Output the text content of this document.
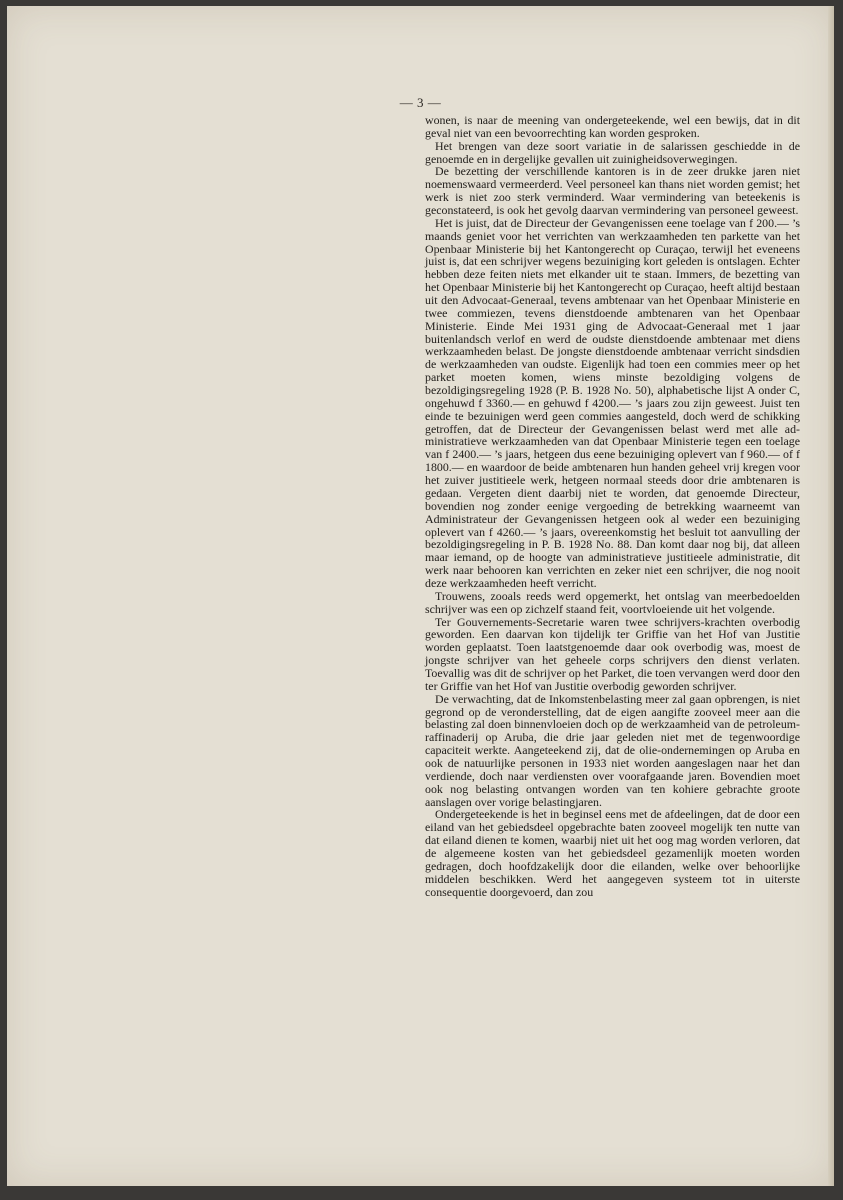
— 3 —

wonen, is naar de meening van ondergeteekende, wel een bewijs, dat in dit geval niet van een bevoorrechting kan worden gesproken.

Het brengen van deze soort variatie in de salarissen geschiedde in de genoemde en in dergelijke gevallen uit zuinigheidsoverwegingen.

De bezetting der verschillende kantoren is in de zeer drukke jaren niet noemenswaard vermeerderd. Veel personeel kan thans niet worden gemist; het werk is niet zoo sterk verminderd. Waar vermindering van beteekenis is geconstateerd, is ook het gevolg daarvan vermindering van personeel geweest.

Het is juist, dat de Directeur der Gevangenissen eene toelage van f 200.— ’s maands geniet voor het verrichten van werkzaamheden ten parkette van het Openbaar Ministerie bij het Kantongerecht op Curaçao, terwijl het eveneens juist is, dat een schrijver wegens bezuiniging kort geleden is ontslagen. Echter hebben deze feiten niets met elkander uit te staan. Immers, de bezetting van het Openbaar Ministerie bij het Kantongerecht op Curaçao, heeft altijd bestaan uit den Advocaat-Generaal, tevens ambtenaar van het Openbaar Ministerie en twee commiezen, tevens dienstdoende ambtenaren van het Openbaar Ministerie. Einde Mei 1931 ging de Advocaat-Generaal met 1 jaar buitenlandsch verlof en werd de oudste dienstdoende ambtenaar met diens werkzaamheden belast. De jongste dienstdoende ambtenaar verricht sindsdien de werkzaamheden van oudste. Eigenlijk had toen een commies meer op het parket moeten komen, wiens minste bezoldiging volgens de bezoldigingsregeling 1928 (P. B. 1928 No. 50), alphabetische lijst A onder C, ongehuwd f 3360.— en gehuwd f 4200.— ’s jaars zou zijn geweest. Juist ten einde te bezuinigen werd geen commies aangesteld, doch werd de schikking getroffen, dat de Directeur der Gevangenissen belast werd met alle administratieve werkzaamheden van dat Openbaar Ministerie tegen een toelage van f 2400.— ’s jaars, hetgeen dus eene bezuiniging oplevert van f 960.— of f 1800.— en waardoor de beide ambtenaren hun handen geheel vrij kregen voor het zuiver justitieele werk, hetgeen normaal steeds door drie ambtenaren is gedaan. Vergeten dient daarbij niet te worden, dat genoemde Directeur, bovendien nog zonder eenige vergoeding de betrekking waarneemt van Administrateur der Gevangenissen hetgeen ook al weder een bezuiniging oplevert van f 4260.— ’s jaars, overeenkomstig het besluit tot aanvulling der bezoldigingsregeling in P. B. 1928 No. 88. Dan komt daar nog bij, dat alleen maar iemand, op de hoogte van administratieve justitieele administratie, dit werk naar behooren kan verrichten en zeker niet een schrijver, die nog nooit deze werkzaamheden heeft verricht.

Trouwens, zooals reeds werd opgemerkt, het ontslag van meerbedoelden schrijver was een op zichzelf staand feit, voortvloeiende uit het volgende.

Ter Gouvernements-Secretarie waren twee schrijvers-krachten overbodig geworden. Een daarvan kon tijdelijk ter Griffie van het Hof van Justitie worden geplaatst. Toen laatstgenoemde daar ook overbodig was, moest de jongste schrijver van het geheele corps schrijvers den dienst verlaten. Toevallig was dit de schrijver op het Parket, die toen vervangen werd door den ter Griffie van het Hof van Justitie overbodig geworden schrijver.

De verwachting, dat de Inkomstenbelasting meer zal gaan opbrengen, is niet gegrond op de veronderstelling, dat de eigen aangifte zooveel meer aan die belasting zal doen binnenvloeien doch op de werkzaamheid van de petroleum-raffinaderij op Aruba, die drie jaar geleden niet met de tegenwoordige capaciteit werkte. Aangeteekend zij, dat de olie-ondernemingen op Aruba en ook de natuurlijke personen in 1933 niet worden aangeslagen naar het dan verdiende, doch naar verdiensten over voorafgaande jaren. Bovendien moet ook nog belasting ontvangen worden van ten kohiere gebrachte groote aanslagen over vorige belastingjaren.

Ondergeteekende is het in beginsel eens met de afdeelingen, dat de door een eiland van het gebiedsdeel opgebrachte baten zooveel mogelijk ten nutte van dat eiland dienen te komen, waarbij niet uit het oog mag worden verloren, dat de algemeene kosten van het gebiedsdeel gezamenlijk moeten worden gedragen, doch hoofdzakelijk door die eilanden, welke over behoorlijke middelen beschikken. Werd het aangegeven systeem tot in uiterste consequentie doorgevoerd, dan zou
